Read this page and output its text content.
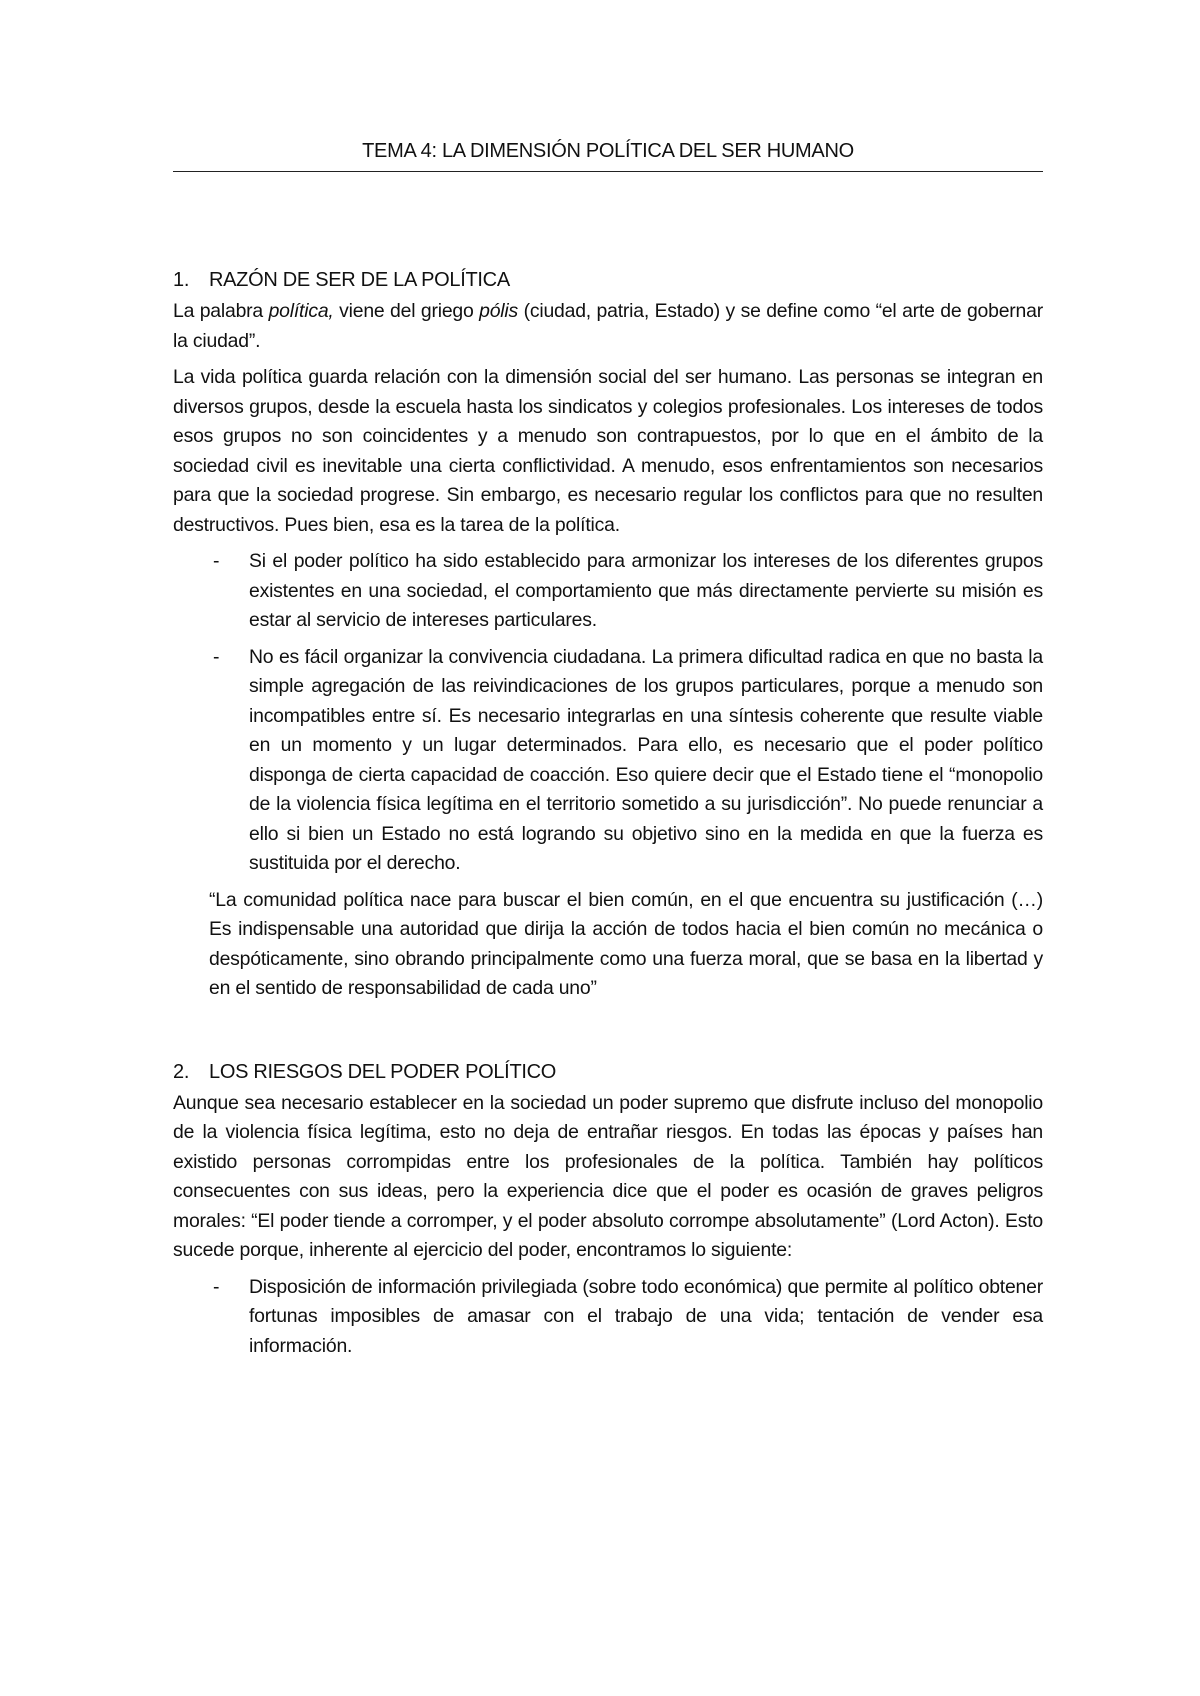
TEMA 4: LA DIMENSIÓN POLÍTICA DEL SER HUMANO
1. RAZÓN DE SER DE LA POLÍTICA

La palabra política, viene del griego pólis (ciudad, patria, Estado) y se define como “el arte de gobernar la ciudad”.

La vida política guarda relación con la dimensión social del ser humano. Las personas se integran en diversos grupos, desde la escuela hasta los sindicatos y colegios profesionales. Los intereses de todos esos grupos no son coincidentes y a menudo son contrapuestos, por lo que en el ámbito de la sociedad civil es inevitable una cierta conflictividad. A menudo, esos enfrentamientos son necesarios para que la sociedad progrese. Sin embargo, es necesario regular los conflictos para que no resulten destructivos. Pues bien, esa es la tarea de la política.

-	Si el poder político ha sido establecido para armonizar los intereses de los diferentes grupos existentes en una sociedad, el comportamiento que más directamente pervierte su misión es estar al servicio de intereses particulares.
-	No es fácil organizar la convivencia ciudadana. La primera dificultad radica en que no basta la simple agregación de las reivindicaciones de los grupos particulares, porque a menudo son incompatibles entre sí. Es necesario integrarlas en una síntesis coherente que resulte viable en un momento y un lugar determinados. Para ello, es necesario que el poder político disponga de cierta capacidad de coacción. Eso quiere decir que el Estado tiene el “monopolio de la violencia física legítima en el territorio sometido a su jurisdicción”. No puede renunciar a ello si bien un Estado no está logrando su objetivo sino en la medida en que la fuerza es sustituida por el derecho.

“La comunidad política nace para buscar el bien común, en el que encuentra su justificación (…) Es indispensable una autoridad que dirija la acción de todos hacia el bien común no mecánica o despóticamente, sino obrando principalmente como una fuerza moral, que se basa en la libertad y en el sentido de responsabilidad de cada uno”

2. LOS RIESGOS DEL PODER POLÍTICO

Aunque sea necesario establecer en la sociedad un poder supremo que disfrute incluso del monopolio de la violencia física legítima, esto no deja de entrañar riesgos. En todas las épocas y países han existido personas corrompidas entre los profesionales de la política. También hay políticos consecuentes con sus ideas, pero la experiencia dice que el poder es ocasión de graves peligros morales: “El poder tiende a corromper, y el poder absoluto corrompe absolutamente” (Lord Acton). Esto sucede porque, inherente al ejercicio del poder, encontramos lo siguiente:

-	Disposición de información privilegiada (sobre todo económica) que permite al político obtener fortunas imposibles de amasar con el trabajo de una vida; tentación de vender esa información.
